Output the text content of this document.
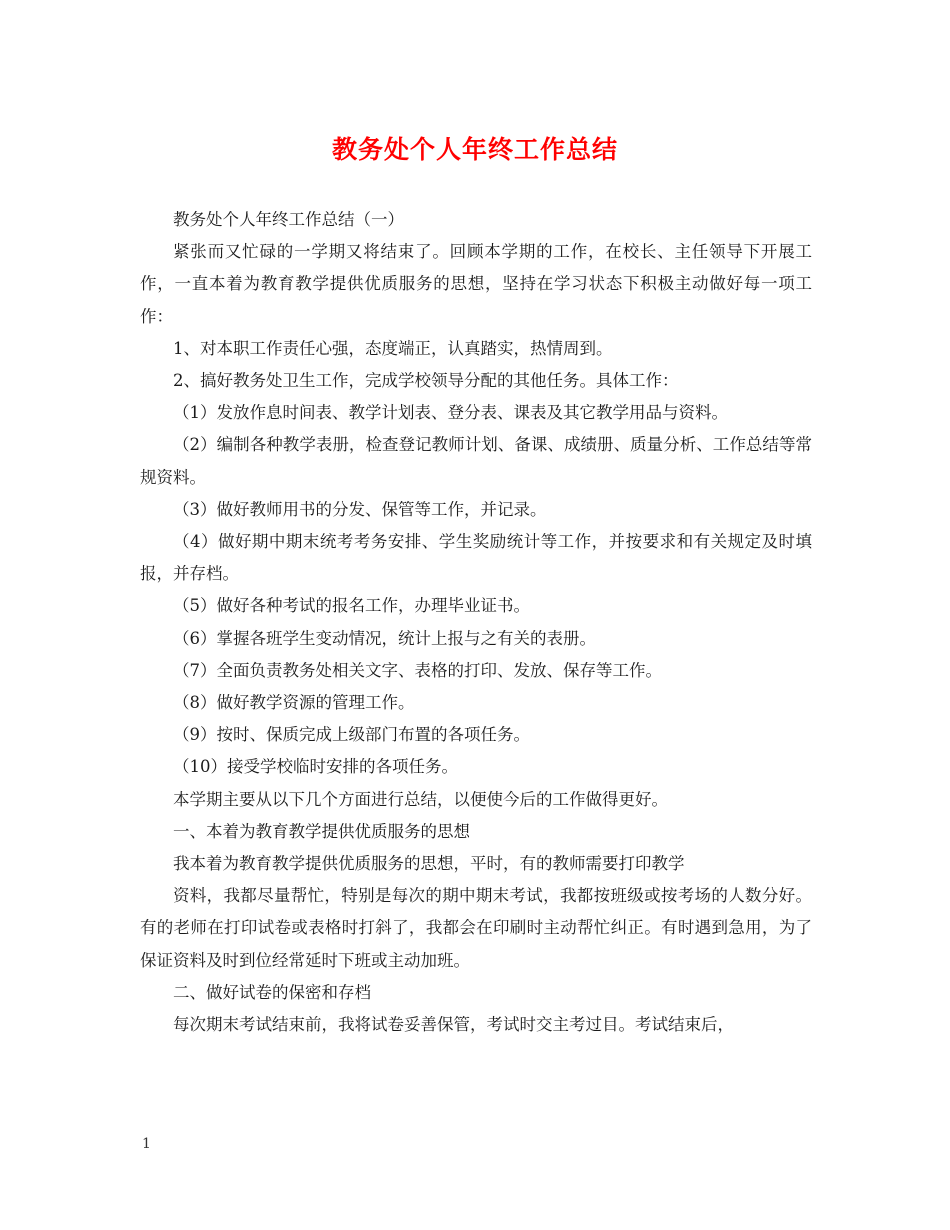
教务处个人年终工作总结

教务处个人年终工作总结（一）

紧张而又忙碌的一学期又将结束了。回顾本学期的工作，在校长、主任领导下开展工作，一直本着为教育教学提供优质服务的思想，坚持在学习状态下积极主动做好每一项工作：

1、对本职工作责任心强，态度端正，认真踏实，热情周到。

2、搞好教务处卫生工作，完成学校领导分配的其他任务。具体工作：

（1）发放作息时间表、教学计划表、登分表、课表及其它教学用品与资料。

（2）编制各种教学表册，检查登记教师计划、备课、成绩册、质量分析、工作总结等常规资料。

（3）做好教师用书的分发、保管等工作，并记录。

（4）做好期中期末统考考务安排、学生奖励统计等工作，并按要求和有关规定及时填报，并存档。

（5）做好各种考试的报名工作，办理毕业证书。

（6）掌握各班学生变动情况，统计上报与之有关的表册。

（7）全面负责教务处相关文字、表格的打印、发放、保存等工作。

（8）做好教学资源的管理工作。

（9）按时、保质完成上级部门布置的各项任务。

（10）接受学校临时安排的各项任务。

本学期主要从以下几个方面进行总结，以便使今后的工作做得更好。

一、本着为教育教学提供优质服务的思想

我本着为教育教学提供优质服务的思想，平时，有的教师需要打印教学

资料，我都尽量帮忙，特别是每次的期中期末考试，我都按班级或按考场的人数分好。有的老师在打印试卷或表格时打斜了，我都会在印刷时主动帮忙纠正。有时遇到急用，为了保证资料及时到位经常延时下班或主动加班。

二、做好试卷的保密和存档

每次期末考试结束前，我将试卷妥善保管，考试时交主考过目。考试结束后，

1
